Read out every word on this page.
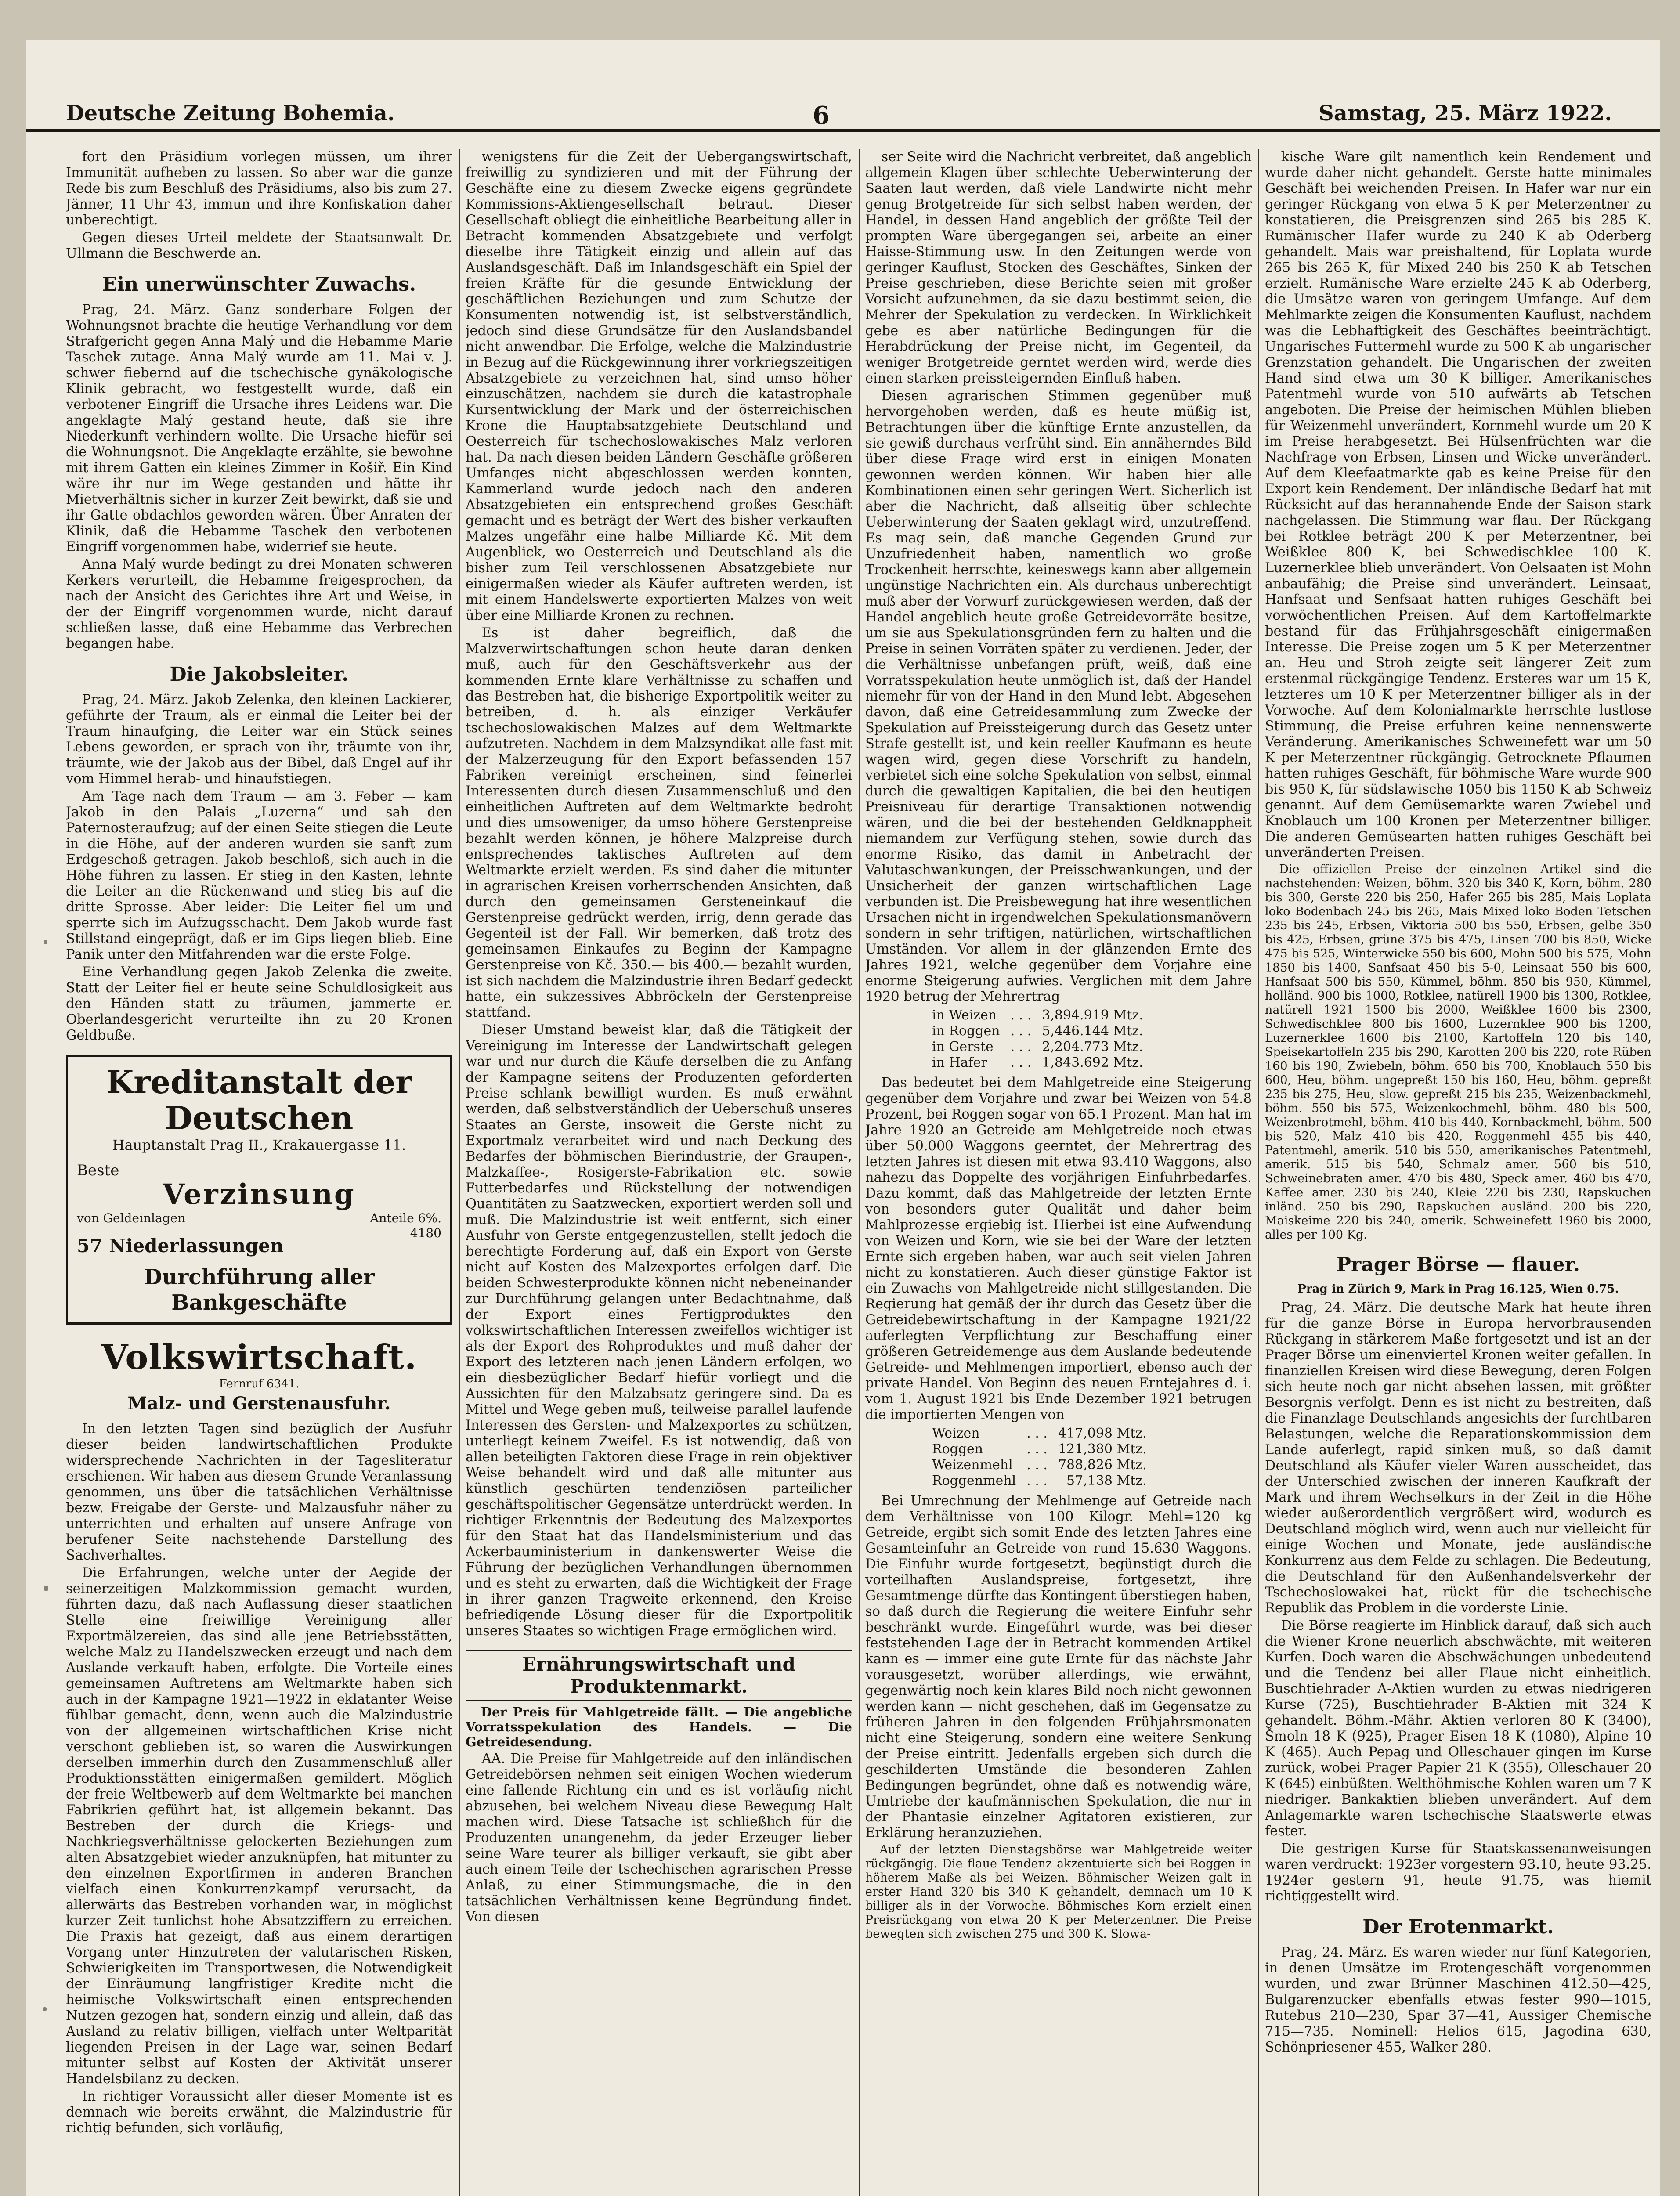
Deutsche Zeitung Bohemia.	6	Samstag, 25. März 1922.

fort den Präsidium vorlegen müssen, um ihrer Immunität aufheben zu lassen. So aber war die ganze Rede bis zum Beschluß des Präsidiums, also bis zum 27. Jänner, 11 Uhr 43, immun und ihre Konfiskation daher unberechtigt.

Gegen dieses Urteil meldete der Staatsanwalt Dr. Ullmann die Beschwerde an.

Ein unerwünschter Zuwachs.

Prag, 24. März. Ganz sonderbare Folgen der Wohnungsnot brachte die heutige Verhandlung vor dem Strafgericht gegen Anna Malý und die Hebamme Marie Taschek zutage. Anna Malý wurde am 11. Mai v. J. schwer fiebernd auf die tschechische gynäkologische Klinik gebracht, wo festgestellt wurde, daß ein verbotener Eingriff die Ursache ihres Leidens war. Die angeklagte Malý gestand heute, daß sie ihre Niederkunft verhindern wollte. Die Ursache hiefür sei die Wohnungsnot. Die Angeklagte erzählte, sie bewohne mit ihrem Gatten ein kleines Zimmer in Košiř. Ein Kind wäre ihr nur im Wege gestanden und hätte ihr Mietverhältnis sicher in kurzer Zeit bewirkt, daß sie und ihr Gatte obdachlos geworden wären. Über Anraten der Klinik, daß die Hebamme Taschek den verbotenen Eingriff vorgenommen habe, widerrief sie heute.

Anna Malý wurde bedingt zu drei Monaten schweren Kerkers verurteilt, die Hebamme freigesprochen, da nach der Ansicht des Gerichtes ihre Art und Weise, in der der Eingriff vorgenommen wurde, nicht darauf schließen lasse, daß eine Hebamme das Verbrechen begangen habe.

Die Jakobsleiter.

Prag, 24. März. Jakob Zelenka, den kleinen Lackierer, geführte der Traum, als er einmal die Leiter bei der Traum hinaufging, die Leiter war ein Stück seines Lebens geworden, er sprach von ihr, träumte von ihr, träumte, wie der Jakob aus der Bibel, daß Engel auf ihr vom Himmel herab- und hinaufstiegen.

Am Tage nach dem Traum — am 3. Feber — kam Jakob in den Palais „Luzerna“ und sah den Paternosteraufzug; auf der einen Seite stiegen die Leute in die Höhe, auf der anderen wurden sie sanft zum Erdgeschoß getragen. Jakob beschloß, sich auch in die Höhe führen zu lassen. Er stieg in den Kasten, lehnte die Leiter an die Rückenwand und stieg bis auf die dritte Sprosse. Aber leider: Die Leiter fiel um und sperrte sich im Aufzugsschacht. Dem Jakob wurde fast Stillstand eingeprägt, daß er im Gips liegen blieb. Eine Panik unter den Mitfahrenden war die erste Folge.

Eine Verhandlung gegen Jakob Zelenka die zweite. Statt der Leiter fiel er heute seine Schuldlosigkeit aus den Händen statt zu träumen, jammerte er. Oberlandesgericht verurteilte ihn zu 20 Kronen Geldbuße.

Kreditanstalt der Deutschen
Hauptanstalt Prag II., Krakauergasse 11.
Beste
Verzinsung
von Geldeinlagen	Anteile 6%.
57 Niederlassungen
4180
Durchführung aller Bankgeschäfte
Volkswirtschaft.
Fernruf 6341.
Malz- und Gerstenausfuhr.

In den letzten Tagen sind bezüglich der Ausfuhr dieser beiden landwirtschaftlichen Produkte widersprechende Nachrichten in der Tagesliteratur erschienen. Wir haben aus diesem Grunde Veranlassung genommen, uns über die tatsächlichen Verhältnisse bezw. Freigabe der Gerste- und Malzausfuhr näher zu unterrichten und erhalten auf unsere Anfrage von berufener Seite nachstehende Darstellung des Sachverhaltes.

Die Erfahrungen, welche unter der Aegide der seinerzeitigen Malzkommission gemacht wurden, führten dazu, daß nach Auflassung dieser staatlichen Stelle eine freiwillige Vereinigung aller Exportmälzereien, das sind alle jene Betriebsstätten, welche Malz zu Handelszwecken erzeugt und nach dem Auslande verkauft haben, erfolgte. Die Vorteile eines gemeinsamen Auftretens am Weltmarkte haben sich auch in der Kampagne 1921—1922 in eklatanter Weise fühlbar gemacht, denn, wenn auch die Malzindustrie von der allgemeinen wirtschaftlichen Krise nicht verschont geblieben ist, so waren die Auswirkungen derselben immerhin durch den Zusammenschluß aller Produktionsstätten einigermaßen gemildert. Möglich der freie Weltbewerb auf dem Weltmarkte bei manchen Fabrikrien geführt hat, ist allgemein bekannt. Das Bestreben der durch die Kriegs- und Nachkriegsverhältnisse gelockerten Beziehungen zum alten Absatzgebiet wieder anzuknüpfen, hat mitunter zu den einzelnen Exportfirmen in anderen Branchen vielfach einen Konkurrenzkampf verursacht, da allerwärts das Bestreben vorhanden war, in möglichst kurzer Zeit tunlichst hohe Absatzziffern zu erreichen. Die Praxis hat gezeigt, daß aus einem derartigen Vorgang unter Hinzutreten der valutarischen Risken, Schwierigkeiten im Transportwesen, die Notwendigkeit der Einräumung langfristiger Kredite nicht die heimische Volkswirtschaft einen entsprechenden Nutzen gezogen hat, sondern einzig und allein, daß das Ausland zu relativ billigen, vielfach unter Weltparität liegenden Preisen in der Lage war, seinen Bedarf mitunter selbst auf Kosten der Aktivität unserer Handelsbilanz zu decken.

In richtiger Voraussicht aller dieser Momente ist es demnach wie bereits erwähnt, die Malzindustrie für richtig befunden, sich vorläufig,

wenigstens für die Zeit der Uebergangswirtschaft, freiwillig zu syndizieren und mit der Führung der Geschäfte eine zu diesem Zwecke eigens gegründete Kommissions-Aktiengesellschaft betraut. Dieser Gesellschaft obliegt die einheitliche Bearbeitung aller in Betracht kommenden Absatzgebiete und verfolgt dieselbe ihre Tätigkeit einzig und allein auf das Auslandsgeschäft. Daß im Inlandsgeschäft ein Spiel der freien Kräfte für die gesunde Entwicklung der geschäftlichen Beziehungen und zum Schutze der Konsumenten notwendig ist, ist selbstverständlich, jedoch sind diese Grundsätze für den Auslandsbandel nicht anwendbar. Die Erfolge, welche die Malzindustrie in Bezug auf die Rückgewinnung ihrer vorkriegszeitigen Absatzgebiete zu verzeichnen hat, sind umso höher einzuschätzen, nachdem sie durch die katastrophale Kursentwicklung der Mark und der österreichischen Krone die Hauptabsatzgebiete Deutschland und Oesterreich für tschechoslowakisches Malz verloren hat. Da nach diesen beiden Ländern Geschäfte größeren Umfanges nicht abgeschlossen werden konnten, Kammerland wurde jedoch nach den anderen Absatzgebieten ein entsprechend großes Geschäft gemacht und es beträgt der Wert des bisher verkauften Malzes ungefähr eine halbe Milliarde Kč. Mit dem Augenblick, wo Oesterreich und Deutschland als die bisher zum Teil verschlossenen Absatzgebiete nur einigermaßen wieder als Käufer auftreten werden, ist mit einem Handelswerte exportierten Malzes von weit über eine Milliarde Kronen zu rechnen.

Es ist daher begreiflich, daß die Malzverwirtschaftungen schon heute daran denken muß, auch für den Geschäftsverkehr aus der kommenden Ernte klare Verhältnisse zu schaffen und das Bestreben hat, die bisherige Exportpolitik weiter zu betreiben, d. h. als einziger Verkäufer tschechoslowakischen Malzes auf dem Weltmarkte aufzutreten. Nachdem in dem Malzsyndikat alle fast mit der Malzerzeugung für den Export befassenden 157 Fabriken vereinigt erscheinen, sind feinerlei Interessenten durch diesen Zusammenschluß und den einheitlichen Auftreten auf dem Weltmarkte bedroht und dies umsoweniger, da umso höhere Gerstenpreise bezahlt werden können, je höhere Malzpreise durch entsprechendes taktisches Auftreten auf dem Weltmarkte erzielt werden. Es sind daher die mitunter in agrarischen Kreisen vorherrschenden Ansichten, daß durch den gemeinsamen Gersteneinkauf die Gerstenpreise gedrückt werden, irrig, denn gerade das Gegenteil ist der Fall. Wir bemerken, daß trotz des gemeinsamen Einkaufes zu Beginn der Kampagne Gerstenpreise von Kč. 350.— bis 400.— bezahlt wurden, ist sich nachdem die Malzindustrie ihren Bedarf gedeckt hatte, ein sukzessives Abbröckeln der Gerstenpreise stattfand.

Dieser Umstand beweist klar, daß die Tätigkeit der Vereinigung im Interesse der Landwirtschaft gelegen war und nur durch die Käufe derselben die zu Anfang der Kampagne seitens der Produzenten geforderten Preise schlank bewilligt wurden. Es muß erwähnt werden, daß selbstverständlich der Ueberschuß unseres Staates an Gerste, insoweit die Gerste nicht zu Exportmalz verarbeitet wird und nach Deckung des Bedarfes der böhmischen Bierindustrie, der Graupen-, Malzkaffee-, Rosigerste-Fabrikation etc. sowie Futterbedarfes und Rückstellung der notwendigen Quantitäten zu Saatzwecken, exportiert werden soll und muß. Die Malzindustrie ist weit entfernt, sich einer Ausfuhr von Gerste entgegenzustellen, stellt jedoch die berechtigte Forderung auf, daß ein Export von Gerste nicht auf Kosten des Malzexportes erfolgen darf. Die beiden Schwesterprodukte können nicht nebeneinander zur Durchführung gelangen unter Bedachtnahme, daß der Export eines Fertigproduktes den volkswirtschaftlichen Interessen zweifellos wichtiger ist als der Export des Rohproduktes und muß daher der Export des letzteren nach jenen Ländern erfolgen, wo ein diesbezüglicher Bedarf hiefür vorliegt und die Aussichten für den Malzabsatz geringere sind. Da es Mittel und Wege geben muß, teilweise parallel laufende Interessen des Gersten- und Malzexportes zu schützen, unterliegt keinem Zweifel. Es ist notwendig, daß von allen beteiligten Faktoren diese Frage in rein objektiver Weise behandelt wird und daß alle mitunter aus künstlich geschürten tendenziösen parteilicher geschäftspolitischer Gegensätze unterdrückt werden. In richtiger Erkenntnis der Bedeutung des Malzexportes für den Staat hat das Handelsministerium und das Ackerbauministerium in dankenswerter Weise die Führung der bezüglichen Verhandlungen übernommen und es steht zu erwarten, daß die Wichtigkeit der Frage in ihrer ganzen Tragweite erkennend, den Kreise befriedigende Lösung dieser für die Exportpolitik unseres Staates so wichtigen Frage ermöglichen wird.

Ernährungswirtschaft und Produktenmarkt.

Der Preis für Mahlgetreide fällt. — Die angebliche Vorratsspekulation des Handels. — Die Getreidesendung.

AA. Die Preise für Mahlgetreide auf den inländischen Getreidebörsen nehmen seit einigen Wochen wiederum eine fallende Richtung ein und es ist vorläufig nicht abzusehen, bei welchem Niveau diese Bewegung Halt machen wird. Diese Tatsache ist schließlich für die Produzenten unangenehm, da jeder Erzeuger lieber seine Ware teurer als billiger verkauft, sie gibt aber auch einem Teile der tschechischen agrarischen Presse Anlaß, zu einer Stimmungsmache, die in den tatsächlichen Verhältnissen keine Begründung findet. Von diesen

ser Seite wird die Nachricht verbreitet, daß angeblich allgemein Klagen über schlechte Ueberwinterung der Saaten laut werden, daß viele Landwirte nicht mehr genug Brotgetreide für sich selbst haben werden, der Handel, in dessen Hand angeblich der größte Teil der prompten Ware übergegangen sei, arbeite an einer Haisse-Stimmung usw. In den Zeitungen werde von geringer Kauflust, Stocken des Geschäftes, Sinken der Preise geschrieben, diese Berichte seien mit großer Vorsicht aufzunehmen, da sie dazu bestimmt seien, die Mehrer der Spekulation zu verdecken. In Wirklichkeit gebe es aber natürliche Bedingungen für die Herabdrückung der Preise nicht, im Gegenteil, da weniger Brotgetreide gerntet werden wird, werde dies einen starken preissteigernden Einfluß haben.

Diesen agrarischen Stimmen gegenüber muß hervorgehoben werden, daß es heute müßig ist, Betrachtungen über die künftige Ernte anzustellen, da sie gewiß durchaus verfrüht sind. Ein annäherndes Bild über diese Frage wird erst in einigen Monaten gewonnen werden können. Wir haben hier alle Kombinationen einen sehr geringen Wert. Sicherlich ist aber die Nachricht, daß allseitig über schlechte Ueberwinterung der Saaten geklagt wird, unzutreffend. Es mag sein, daß manche Gegenden Grund zur Unzufriedenheit haben, namentlich wo große Trockenheit herrschte, keineswegs kann aber allgemein ungünstige Nachrichten ein. Als durchaus unberechtigt muß aber der Vorwurf zurückgewiesen werden, daß der Handel angeblich heute große Getreidevorräte besitze, um sie aus Spekulationsgründen fern zu halten und die Preise in seinen Vorräten später zu verdienen. Jeder, der die Verhältnisse unbefangen prüft, weiß, daß eine Vorratsspekulation heute unmöglich ist, daß der Handel niemehr für von der Hand in den Mund lebt. Abgesehen davon, daß eine Getreidesammlung zum Zwecke der Spekulation auf Preissteigerung durch das Gesetz unter Strafe gestellt ist, und kein reeller Kaufmann es heute wagen wird, gegen diese Vorschrift zu handeln, verbietet sich eine solche Spekulation von selbst, einmal durch die gewaltigen Kapitalien, die bei den heutigen Preisniveau für derartige Transaktionen notwendig wären, und die bei der bestehenden Geldknappheit niemandem zur Verfügung stehen, sowie durch das enorme Risiko, das damit in Anbetracht der Valutaschwankungen, der Preisschwankungen, und der Unsicherheit der ganzen wirtschaftlichen Lage verbunden ist. Die Preisbewegung hat ihre wesentlichen Ursachen nicht in irgendwelchen Spekulationsmanövern sondern in sehr triftigen, natürlichen, wirtschaftlichen Umständen. Vor allem in der glänzenden Ernte des Jahres 1921, welche gegenüber dem Vorjahre eine enorme Steigerung aufwies. Verglichen mit dem Jahre 1920 betrug der Mehrertrag

in Weizen	. . .	3,894.919 Mtz.
in Roggen	. . .	5,446.144 Mtz.
in Gerste	. . .	2,204.773 Mtz.
in Hafer	. . .	1,843.692 Mtz.

Das bedeutet bei dem Mahlgetreide eine Steigerung gegenüber dem Vorjahre und zwar bei Weizen von 54.8 Prozent, bei Roggen sogar von 65.1 Prozent. Man hat im Jahre 1920 an Getreide am Mehlgetreide noch etwas über 50.000 Waggons geerntet, der Mehrertrag des letzten Jahres ist diesen mit etwa 93.410 Waggons, also nahezu das Doppelte des vorjährigen Einfuhrbedarfes. Dazu kommt, daß das Mahlgetreide der letzten Ernte von besonders guter Qualität und daher beim Mahlprozesse ergiebig ist. Hierbei ist eine Aufwendung von Weizen und Korn, wie sie bei der Ware der letzten Ernte sich ergeben haben, war auch seit vielen Jahren nicht zu konstatieren. Auch dieser günstige Faktor ist ein Zuwachs von Mahlgetreide nicht stillgestanden. Die Regierung hat gemäß der ihr durch das Gesetz über die Getreidebewirtschaftung in der Kampagne 1921/22 auferlegten Verpflichtung zur Beschaffung einer größeren Getreidemenge aus dem Auslande bedeutende Getreide- und Mehlmengen importiert, ebenso auch der private Handel. Von Beginn des neuen Erntejahres d. i. vom 1. August 1921 bis Ende Dezember 1921 betrugen die importierten Mengen von

Weizen	. . .	417,098 Mtz.
Roggen	. . .	121,380 Mtz.
Weizenmehl	. . .	788,826 Mtz.
Roggenmehl	. . .	57,138 Mtz.

Bei Umrechnung der Mehlmenge auf Getreide nach dem Verhältnisse von 100 Kilogr. Mehl=120 kg Getreide, ergibt sich somit Ende des letzten Jahres eine Gesamteinfuhr an Getreide von rund 15.630 Waggons. Die Einfuhr wurde fortgesetzt, begünstigt durch die vorteilhaften Auslandspreise, fortgesetzt, ihre Gesamtmenge dürfte das Kontingent überstiegen haben, so daß durch die Regierung die weitere Einfuhr sehr beschränkt wurde. Eingeführt wurde, was bei dieser feststehenden Lage der in Betracht kommenden Artikel kann es — immer eine gute Ernte für das nächste Jahr vorausgesetzt, worüber allerdings, wie erwähnt, gegenwärtig noch kein klares Bild noch nicht gewonnen werden kann — nicht geschehen, daß im Gegensatze zu früheren Jahren in den folgenden Frühjahrsmonaten nicht eine Steigerung, sondern eine weitere Senkung der Preise eintritt. Jedenfalls ergeben sich durch die geschilderten Umstände die besonderen Zahlen Bedingungen begründet, ohne daß es notwendig wäre, Umtriebe der kaufmännischen Spekulation, die nur in der Phantasie einzelner Agitatoren existieren, zur Erklärung heranzuziehen.

Auf der letzten Dienstagsbörse war Mahlgetreide weiter rückgängig. Die flaue Tendenz akzentuierte sich bei Roggen in höherem Maße als bei Weizen. Böhmischer Weizen galt in erster Hand 320 bis 340 K gehandelt, demnach um 10 K billiger als in der Vorwoche. Böhmisches Korn erzielt einen Preisrückgang von etwa 20 K per Meterzentner. Die Preise bewegten sich zwischen 275 und 300 K. Slowa-

kische Ware gilt namentlich kein Rendement und wurde daher nicht gehandelt. Gerste hatte minimales Geschäft bei weichenden Preisen. In Hafer war nur ein geringer Rückgang von etwa 5 K per Meterzentner zu konstatieren, die Preisgrenzen sind 265 bis 285 K. Rumänischer Hafer wurde zu 240 K ab Oderberg gehandelt. Mais war preishaltend, für Loplata wurde 265 bis 265 K, für Mixed 240 bis 250 K ab Tetschen erzielt. Rumänische Ware erzielte 245 K ab Oderberg, die Umsätze waren von geringem Umfange. Auf dem Mehlmarkte zeigen die Konsumenten Kauflust, nachdem was die Lebhaftigkeit des Geschäftes beeinträchtigt. Ungarisches Futtermehl wurde zu 500 K ab ungarischer Grenzstation gehandelt. Die Ungarischen der zweiten Hand sind etwa um 30 K billiger. Amerikanisches Patentmehl wurde von 510 aufwärts ab Tetschen angeboten. Die Preise der heimischen Mühlen blieben für Weizenmehl unverändert, Kornmehl wurde um 20 K im Preise herabgesetzt. Bei Hülsenfrüchten war die Nachfrage von Erbsen, Linsen und Wicke unverändert. Auf dem Kleefaatmarkte gab es keine Preise für den Export kein Rendement. Der inländische Bedarf hat mit Rücksicht auf das herannahende Ende der Saison stark nachgelassen. Die Stimmung war flau. Der Rückgang bei Rotklee beträgt 200 K per Meterzentner, bei Weißklee 800 K, bei Schwedischklee 100 K. Luzernerklee blieb unverändert. Von Oelsaaten ist Mohn anbaufähig; die Preise sind unverändert. Leinsaat, Hanfsaat und Senfsaat hatten ruhiges Geschäft bei vorwöchentlichen Preisen. Auf dem Kartoffelmarkte bestand für das Frühjahrsgeschäft einigermaßen Interesse. Die Preise zogen um 5 K per Meterzentner an. Heu und Stroh zeigte seit längerer Zeit zum erstenmal rückgängige Tendenz. Ersteres war um 15 K, letzteres um 10 K per Meterzentner billiger als in der Vorwoche. Auf dem Kolonialmarkte herrschte lustlose Stimmung, die Preise erfuhren keine nennenswerte Veränderung. Amerikanisches Schweinefett war um 50 K per Meterzentner rückgängig. Getrocknete Pflaumen hatten ruhiges Geschäft, für böhmische Ware wurde 900 bis 950 K, für südslawische 1050 bis 1150 K ab Schweiz genannt. Auf dem Gemüsemarkte waren Zwiebel und Knoblauch um 100 Kronen per Meterzentner billiger. Die anderen Gemüsearten hatten ruhiges Geschäft bei unveränderten Preisen.

Die offiziellen Preise der einzelnen Artikel sind die nachstehenden: Weizen, böhm. 320 bis 340 K, Korn, böhm. 280 bis 300, Gerste 220 bis 250, Hafer 265 bis 285, Mais Loplata loko Bodenbach 245 bis 265, Mais Mixed loko Boden Tetschen 235 bis 245, Erbsen, Viktoria 500 bis 550, Erbsen, gelbe 350 bis 425, Erbsen, grüne 375 bis 475, Linsen 700 bis 850, Wicke 475 bis 525, Winterwicke 550 bis 600, Mohn 500 bis 575, Mohn 1850 bis 1400, Sanfsaat 450 bis 5-0, Leinsaat 550 bis 600, Hanfsaat 500 bis 550, Kümmel, böhm. 850 bis 950, Kümmel, holländ. 900 bis 1000, Rotklee, natürell 1900 bis 1300, Rotklee, natürell 1921 1500 bis 2000, Weißklee 1600 bis 2300, Schwedischklee 800 bis 1600, Luzernklee 900 bis 1200, Luzernerklee 1600 bis 2100, Kartoffeln 120 bis 140, Speisekartoffeln 235 bis 290, Karotten 200 bis 220, rote Rüben 160 bis 190, Zwiebeln, böhm. 650 bis 700, Knoblauch 550 bis 600, Heu, böhm. ungepreßt 150 bis 160, Heu, böhm. gepreßt 235 bis 275, Heu, slow. gepreßt 215 bis 235, Weizenbackmehl, böhm. 550 bis 575, Weizenkochmehl, böhm. 480 bis 500, Weizenbrotmehl, böhm. 410 bis 440, Kornbackmehl, böhm. 500 bis 520, Malz 410 bis 420, Roggenmehl 455 bis 440, Patentmehl, amerik. 510 bis 550, amerikanisches Patentmehl, amerik. 515 bis 540, Schmalz amer. 560 bis 510, Schweinebraten amer. 470 bis 480, Speck amer. 460 bis 470, Kaffee amer. 230 bis 240, Kleie 220 bis 230, Rapskuchen inländ. 250 bis 290, Rapskuchen ausländ. 200 bis 220, Maiskeime 220 bis 240, amerik. Schweinefett 1960 bis 2000, alles per 100 Kg.

Prager Börse — flauer.
Prag in Zürich 9, Mark in Prag 16.125, Wien 0.75.

Prag, 24. März. Die deutsche Mark hat heute ihren für die ganze Börse in Europa hervorbrausenden Rückgang in stärkerem Maße fortgesetzt und ist an der Prager Börse um einenviertel Kronen weiter gefallen. In finanziellen Kreisen wird diese Bewegung, deren Folgen sich heute noch gar nicht absehen lassen, mit größter Besorgnis verfolgt. Denn es ist nicht zu bestreiten, daß die Finanzlage Deutschlands angesichts der furchtbaren Belastungen, welche die Reparationskommission dem Lande auferlegt, rapid sinken muß, so daß damit Deutschland als Käufer vieler Waren ausscheidet, das der Unterschied zwischen der inneren Kaufkraft der Mark und ihrem Wechselkurs in der Zeit in die Höhe wieder außerordentlich vergrößert wird, wodurch es Deutschland möglich wird, wenn auch nur vielleicht für einige Wochen und Monate, jede ausländische Konkurrenz aus dem Felde zu schlagen. Die Bedeutung, die Deutschland für den Außenhandelsverkehr der Tschechoslowakei hat, rückt für die tschechische Republik das Problem in die vorderste Linie.

Die Börse reagierte im Hinblick darauf, daß sich auch die Wiener Krone neuerlich abschwächte, mit weiteren Kurfen. Doch waren die Abschwächungen unbedeutend und die Tendenz bei aller Flaue nicht einheitlich. Buschtiehrader A-Aktien wurden zu etwas niedrigeren Kurse (725), Buschtiehrader B-Aktien mit 324 K gehandelt. Böhm.-Mähr. Aktien verloren 80 K (3400), Šmoln 18 K (925), Prager Eisen 18 K (1080), Alpine 10 K (465). Auch Pepag und Olleschauer gingen im Kurse zurück, wobei Prager Papier 21 K (355), Olleschauer 20 K (645) einbüßten. Welthöhmische Kohlen waren um 7 K niedriger. Bankaktien blieben unverändert. Auf dem Anlagemarkte waren tschechische Staatswerte etwas fester.

Die gestrigen Kurse für Staatskassenanweisungen waren verdruckt: 1923er vorgestern 93.10, heute 93.25. 1924er gestern 91, heute 91.75, was hiemit richtiggestellt wird.

Der Erotenmarkt.

Prag, 24. März. Es waren wieder nur fünf Kategorien, in denen Umsätze im Erotengeschäft vorgenommen wurden, und zwar Brünner Maschinen 412.50—425, Bulgarenzucker ebenfalls etwas fester 990—1015, Rutebus 210—230, Spar 37—41, Aussiger Chemische 715—735. Nominell: Helios 615, Jagodina 630, Schönpriesener 455, Walker 280.
